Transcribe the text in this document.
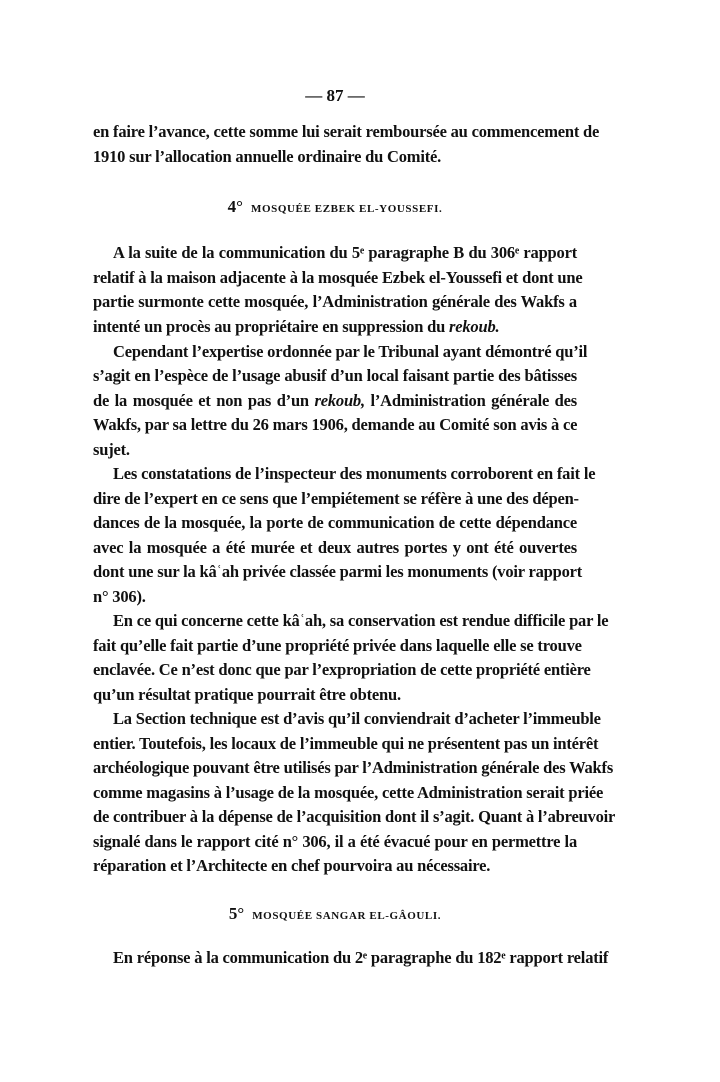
— 87 —
en faire l’avance, cette somme lui serait remboursée au commencement de
1910 sur l’allocation annuelle ordinaire du Comité.
4° MOSQUÉE EZBEK EL-YOUSSEFI.
A la suite de la communication du 5ᵉ paragraphe B du 306ᵉ rapport
relatif à la maison adjacente à la mosquée Ezbek el-Youssefi et dont une
partie surmonte cette mosquée, l’Administration générale des Wakfs a
intenté un procès au propriétaire en suppression du rekoub.
Cependant l’expertise ordonnée par le Tribunal ayant démontré qu’il
s’agit en l’espèce de l’usage abusif d’un local faisant partie des bâtisses
de la mosquée et non pas d’un rekoub, l’Administration générale des
Wakfs, par sa lettre du 26 mars 1906, demande au Comité son avis à ce
sujet.
Les constatations de l’inspecteur des monuments corroborent en fait le
dire de l’expert en ce sens que l’empiétement se réfère à une des dépen-
dances de la mosquée, la porte de communication de cette dépendance
avec la mosquée a été murée et deux autres portes y ont été ouvertes
dont une sur la kâʿah privée classée parmi les monuments (voir rapport
n° 306).
En ce qui concerne cette kâʿah, sa conservation est rendue difficile par le
fait qu’elle fait partie d’une propriété privée dans laquelle elle se trouve
enclavée. Ce n’est donc que par l’expropriation de cette propriété entière
qu’un résultat pratique pourrait être obtenu.
La Section technique est d’avis qu’il conviendrait d’acheter l’immeuble
entier. Toutefois, les locaux de l’immeuble qui ne présentent pas un intérêt
archéologique pouvant être utilisés par l’Administration générale des Wakfs
comme magasins à l’usage de la mosquée, cette Administration serait priée
de contribuer à la dépense de l’acquisition dont il s’agit. Quant à l’abreuvoir
signalé dans le rapport cité n° 306, il a été évacué pour en permettre la
réparation et l’Architecte en chef pourvoira au nécessaire.
5° MOSQUÉE SANGAR EL-GÂOULI.
En réponse à la communication du 2ᵉ paragraphe du 182ᵉ rapport relatif
